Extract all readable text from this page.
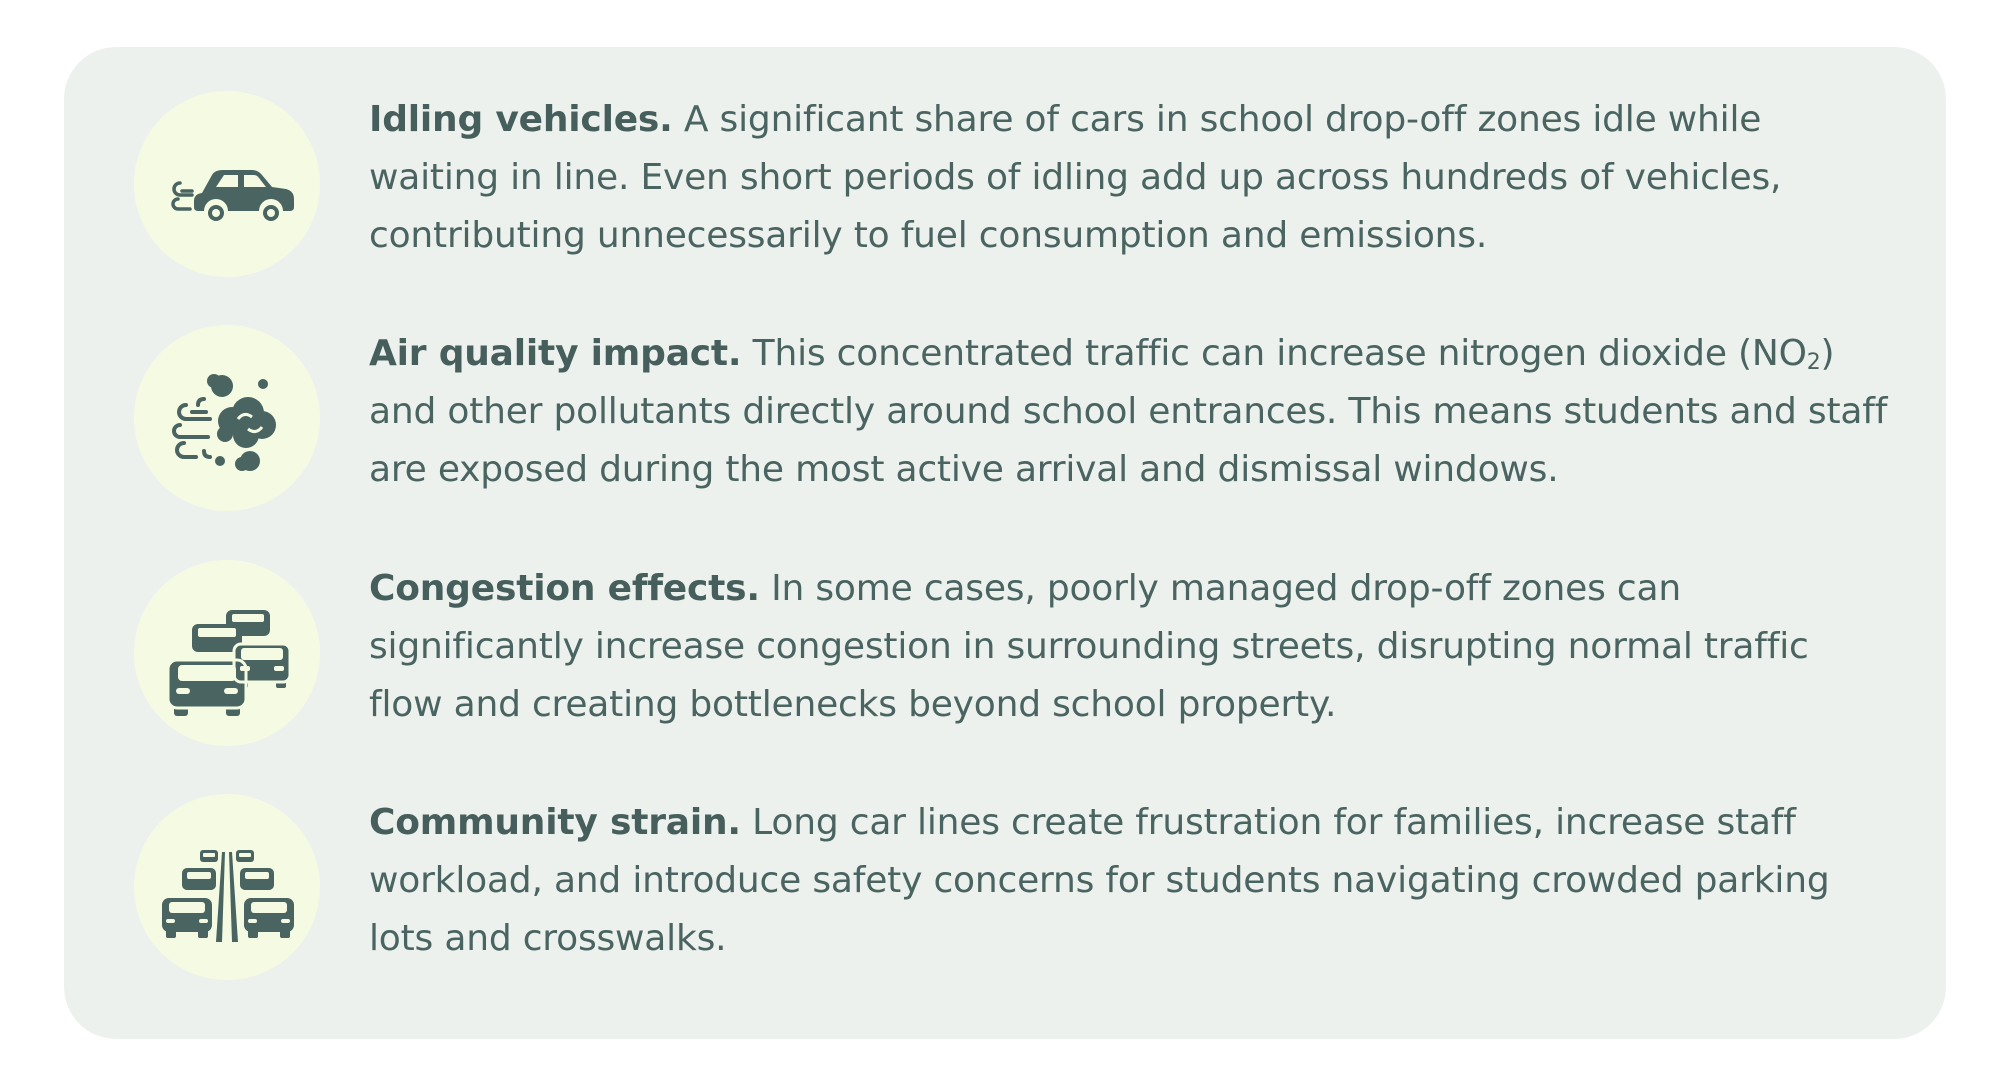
Idling vehicles. A significant share of cars in school drop-off zones idle while waiting in line. Even short periods of idling add up across hundreds of vehicles, contributing unnecessarily to fuel consumption and emissions.
Air quality impact. This concentrated traffic can increase nitrogen dioxide (NO2) and other pollutants directly around school entrances. This means students and staff are exposed during the most active arrival and dismissal windows.
Congestion effects. In some cases, poorly managed drop-off zones can significantly increase congestion in surrounding streets, disrupting normal traffic flow and creating bottlenecks beyond school property.
Community strain. Long car lines create frustration for families, increase staff workload, and introduce safety concerns for students navigating crowded parking lots and crosswalks.
